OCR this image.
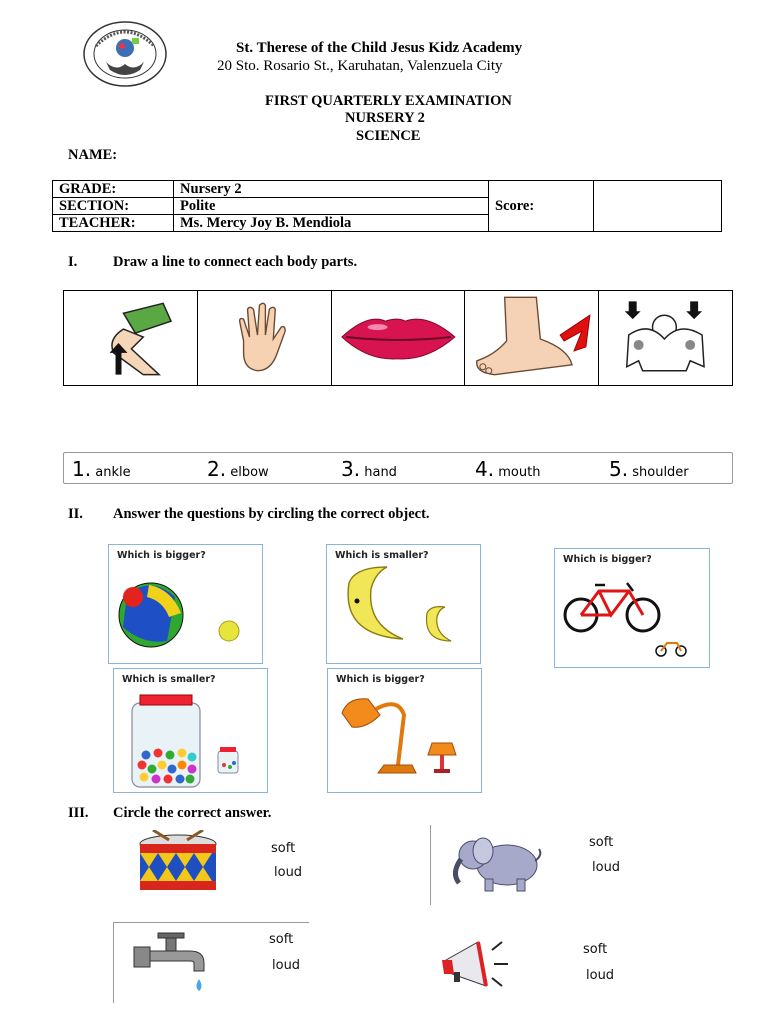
St. Therese of the Child Jesus Kidz Academy
20 Sto. Rosario St., Karuhatan, Valenzuela City
FIRST QUARTERLY EXAMINATION
NURSERY 2
SCIENCE
NAME:
GRADE:	Nursery 2	Score:	
SECTION:	Polite		
TEACHER:	Ms. Mercy Joy B. Mendiola		
I. Draw a line to connect each body parts.
1. ankle	2. elbow	3. hand	4. mouth	5. shoulder
II. Answer the questions by circling the correct object.
Which is bigger?	Which is smaller?	Which is bigger?
Which is smaller?	Which is bigger?
III. Circle the correct answer.
soft
loud
soft
loud
soft
loud
soft
loud
